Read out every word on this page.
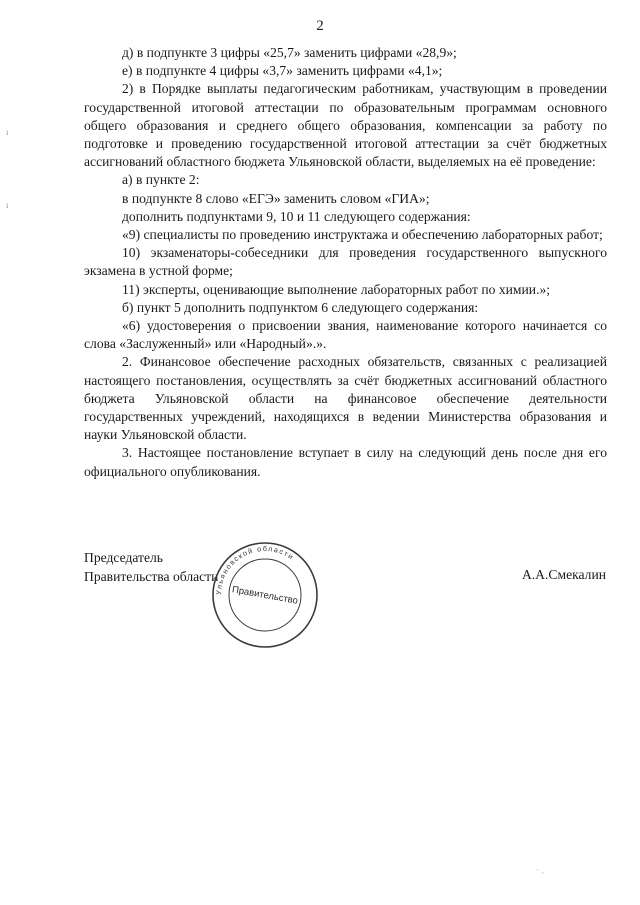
2

д) в подпункте 3 цифры «25,7» заменить цифрами «28,9»;

е) в подпункте 4 цифры «3,7» заменить цифрами «4,1»;

2) в Порядке выплаты педагогическим работникам, участвующим в проведении государственной итоговой аттестации по образовательным программам основного общего образования и среднего общего образования, компенсации за работу по подготовке и проведению государственной итоговой аттестации за счёт бюджетных ассигнований областного бюджета Ульяновской области, выделяемых на её проведение:

а) в пункте 2:

в подпункте 8 слово «ЕГЭ» заменить словом «ГИА»;

дополнить подпунктами 9, 10 и 11 следующего содержания:

«9) специалисты по проведению инструктажа и обеспечению лабораторных работ;

10) экзаменаторы-собеседники для проведения государственного выпускного экзамена в устной форме;

11) эксперты, оценивающие выполнение лабораторных работ по химии.»;

б) пункт 5 дополнить подпунктом 6 следующего содержания:

«6) удостоверения о присвоении звания, наименование которого начинается со слова «Заслуженный» или «Народный».».

2. Финансовое обеспечение расходных обязательств, связанных с реализацией настоящего постановления, осуществлять за счёт бюджетных ассигнований областного бюджета Ульяновской области на финансовое обеспечение деятельности государственных учреждений, находящихся в ведении Министерства образования и науки Ульяновской области.

3. Настоящее постановление вступает в силу на следующий день после дня его официального опубликования.

Председатель
Правительства области	А.А.Смекалин
Ульяновской области
Правительство
ı
ı
˙ ·
